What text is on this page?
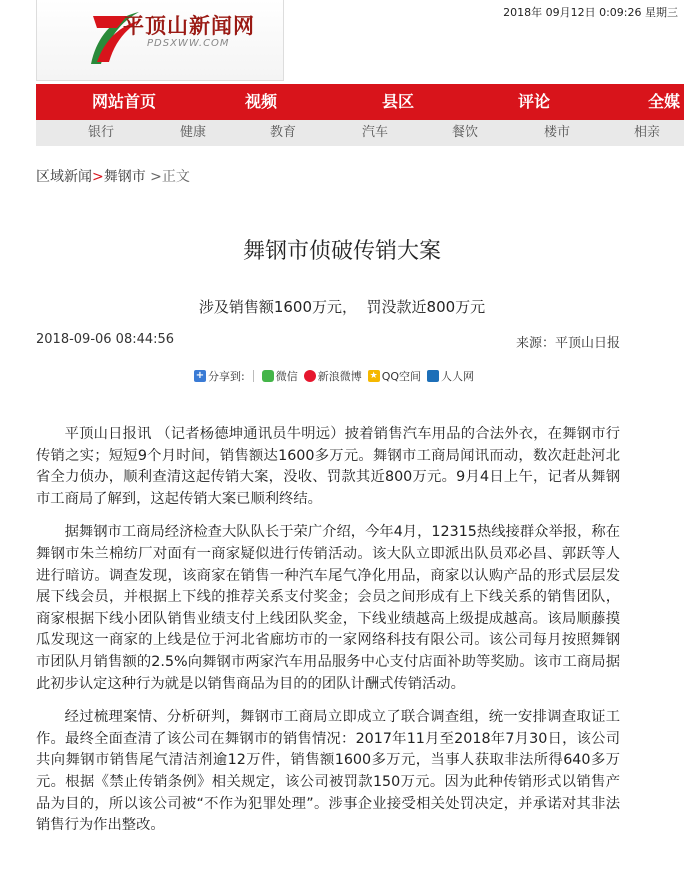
平顶山新闻网
PDSXWW.COM
2018年 09月12日 0:09:26 星期三
网站首页	视频	县区	评论	全媒
银行	健康	教育	汽车	餐饮	楼市	相亲
区域新闻>舞钢市 >正文
舞钢市侦破传销大案
涉及销售额1600万元，  罚没款近800万元
2018-09-06 08:44:56	来源：平顶山日报
+ 分享到:	微信 新浪微博 ★ QQ空间 人人网

平顶山日报讯 （记者杨德坤通讯员牛明远）披着销售汽车用品的合法外衣，在舞钢市行传销之实；短短9个月时间，销售额达1600多万元。舞钢市工商局闻讯而动，数次赶赴河北省全力侦办，顺利查清这起传销大案，没收、罚款其近800万元。9月4日上午，记者从舞钢市工商局了解到，这起传销大案已顺利终结。

据舞钢市工商局经济检查大队队长于荣广介绍，今年4月，12315热线接群众举报，称在舞钢市朱兰棉纺厂对面有一商家疑似进行传销活动。该大队立即派出队员邓必昌、郭跃等人进行暗访。调查发现，该商家在销售一种汽车尾气净化用品，商家以认购产品的形式层层发展下线会员，并根据上下线的推荐关系支付奖金；会员之间形成有上下线关系的销售团队，商家根据下线小团队销售业绩支付上线团队奖金，下线业绩越高上级提成越高。该局顺藤摸瓜发现这一商家的上线是位于河北省廊坊市的一家网络科技有限公司。该公司每月按照舞钢市团队月销售额的2.5%向舞钢市两家汽车用品服务中心支付店面补助等奖励。该市工商局据此初步认定这种行为就是以销售商品为目的的团队计酬式传销活动。

经过梳理案情、分析研判，舞钢市工商局立即成立了联合调查组，统一安排调查取证工作。最终全面查清了该公司在舞钢市的销售情况：2017年11月至2018年7月30日，该公司共向舞钢市销售尾气清洁剂逾12万件，销售额1600多万元，当事人获取非法所得640多万元。根据《禁止传销条例》相关规定，该公司被罚款150万元。因为此种传销形式以销售产品为目的，所以该公司被“不作为犯罪处理”。涉事企业接受相关处罚决定，并承诺对其非法销售行为作出整改。
